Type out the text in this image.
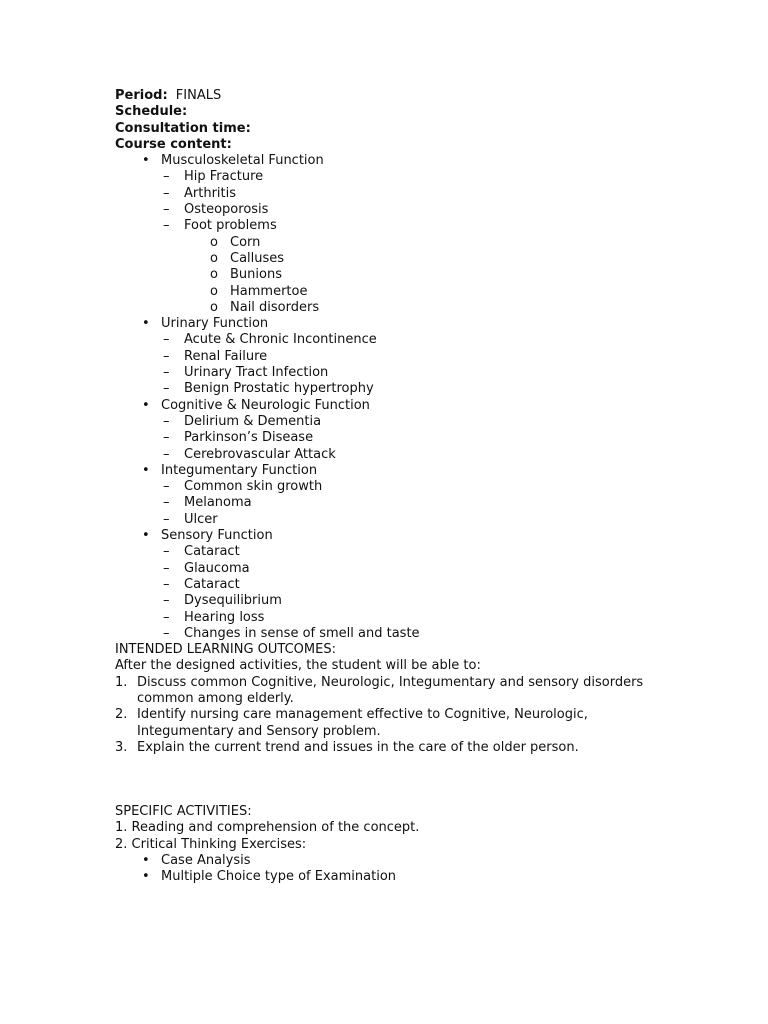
Period: FINALS
Schedule:
Consultation time:
Course content:
• Musculoskeletal Function
– Hip Fracture
– Arthritis
– Osteoporosis
– Foot problems
o Corn
o Calluses
o Bunions
o Hammertoe
o Nail disorders
• Urinary Function
– Acute & Chronic Incontinence
– Renal Failure
– Urinary Tract Infection
– Benign Prostatic hypertrophy
• Cognitive & Neurologic Function
– Delirium & Dementia
– Parkinson’s Disease
– Cerebrovascular Attack
• Integumentary Function
– Common skin growth
– Melanoma
– Ulcer
• Sensory Function
– Cataract
– Glaucoma
– Cataract
– Dysequilibrium
– Hearing loss
– Changes in sense of smell and taste
INTENDED LEARNING OUTCOMES:
After the designed activities, the student will be able to:
1. Discuss common Cognitive, Neurologic, Integumentary and sensory disorders
common among elderly.
2. Identify nursing care management effective to Cognitive, Neurologic,
Integumentary and Sensory problem.
3. Explain the current trend and issues in the care of the older person.
SPECIFIC ACTIVITIES:
1. Reading and comprehension of the concept.
2. Critical Thinking Exercises:
• Case Analysis
• Multiple Choice type of Examination
